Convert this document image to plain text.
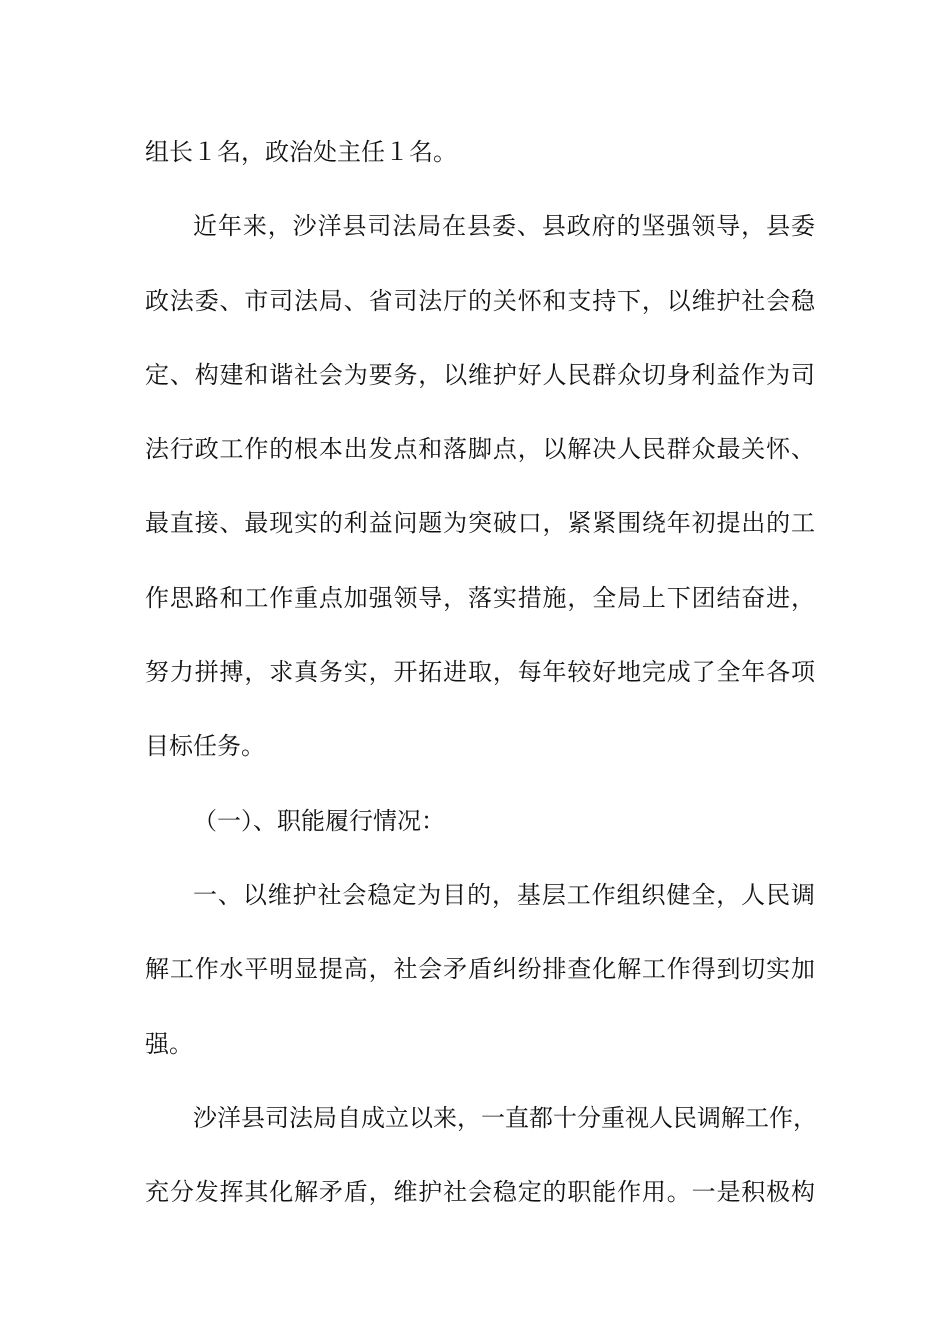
组长１名，政治处主任１名。
近年来，沙洋县司法局在县委、县政府的坚强领导，县委
政法委、市司法局、省司法厅的关怀和支持下，以维护社会稳
定、构建和谐社会为要务，以维护好人民群众切身利益作为司
法行政工作的根本出发点和落脚点，以解决人民群众最关怀、
最直接、最现实的利益问题为突破口，紧紧围绕年初提出的工
作思路和工作重点加强领导，落实措施，全局上下团结奋进，
努力拼搏，求真务实，开拓进取，每年较好地完成了全年各项
目标任务。
（一）、职能履行情况：
一、以维护社会稳定为目的，基层工作组织健全，人民调
解工作水平明显提高，社会矛盾纠纷排查化解工作得到切实加
强。
沙洋县司法局自成立以来，一直都十分重视人民调解工作，
充分发挥其化解矛盾，维护社会稳定的职能作用。一是积极构
